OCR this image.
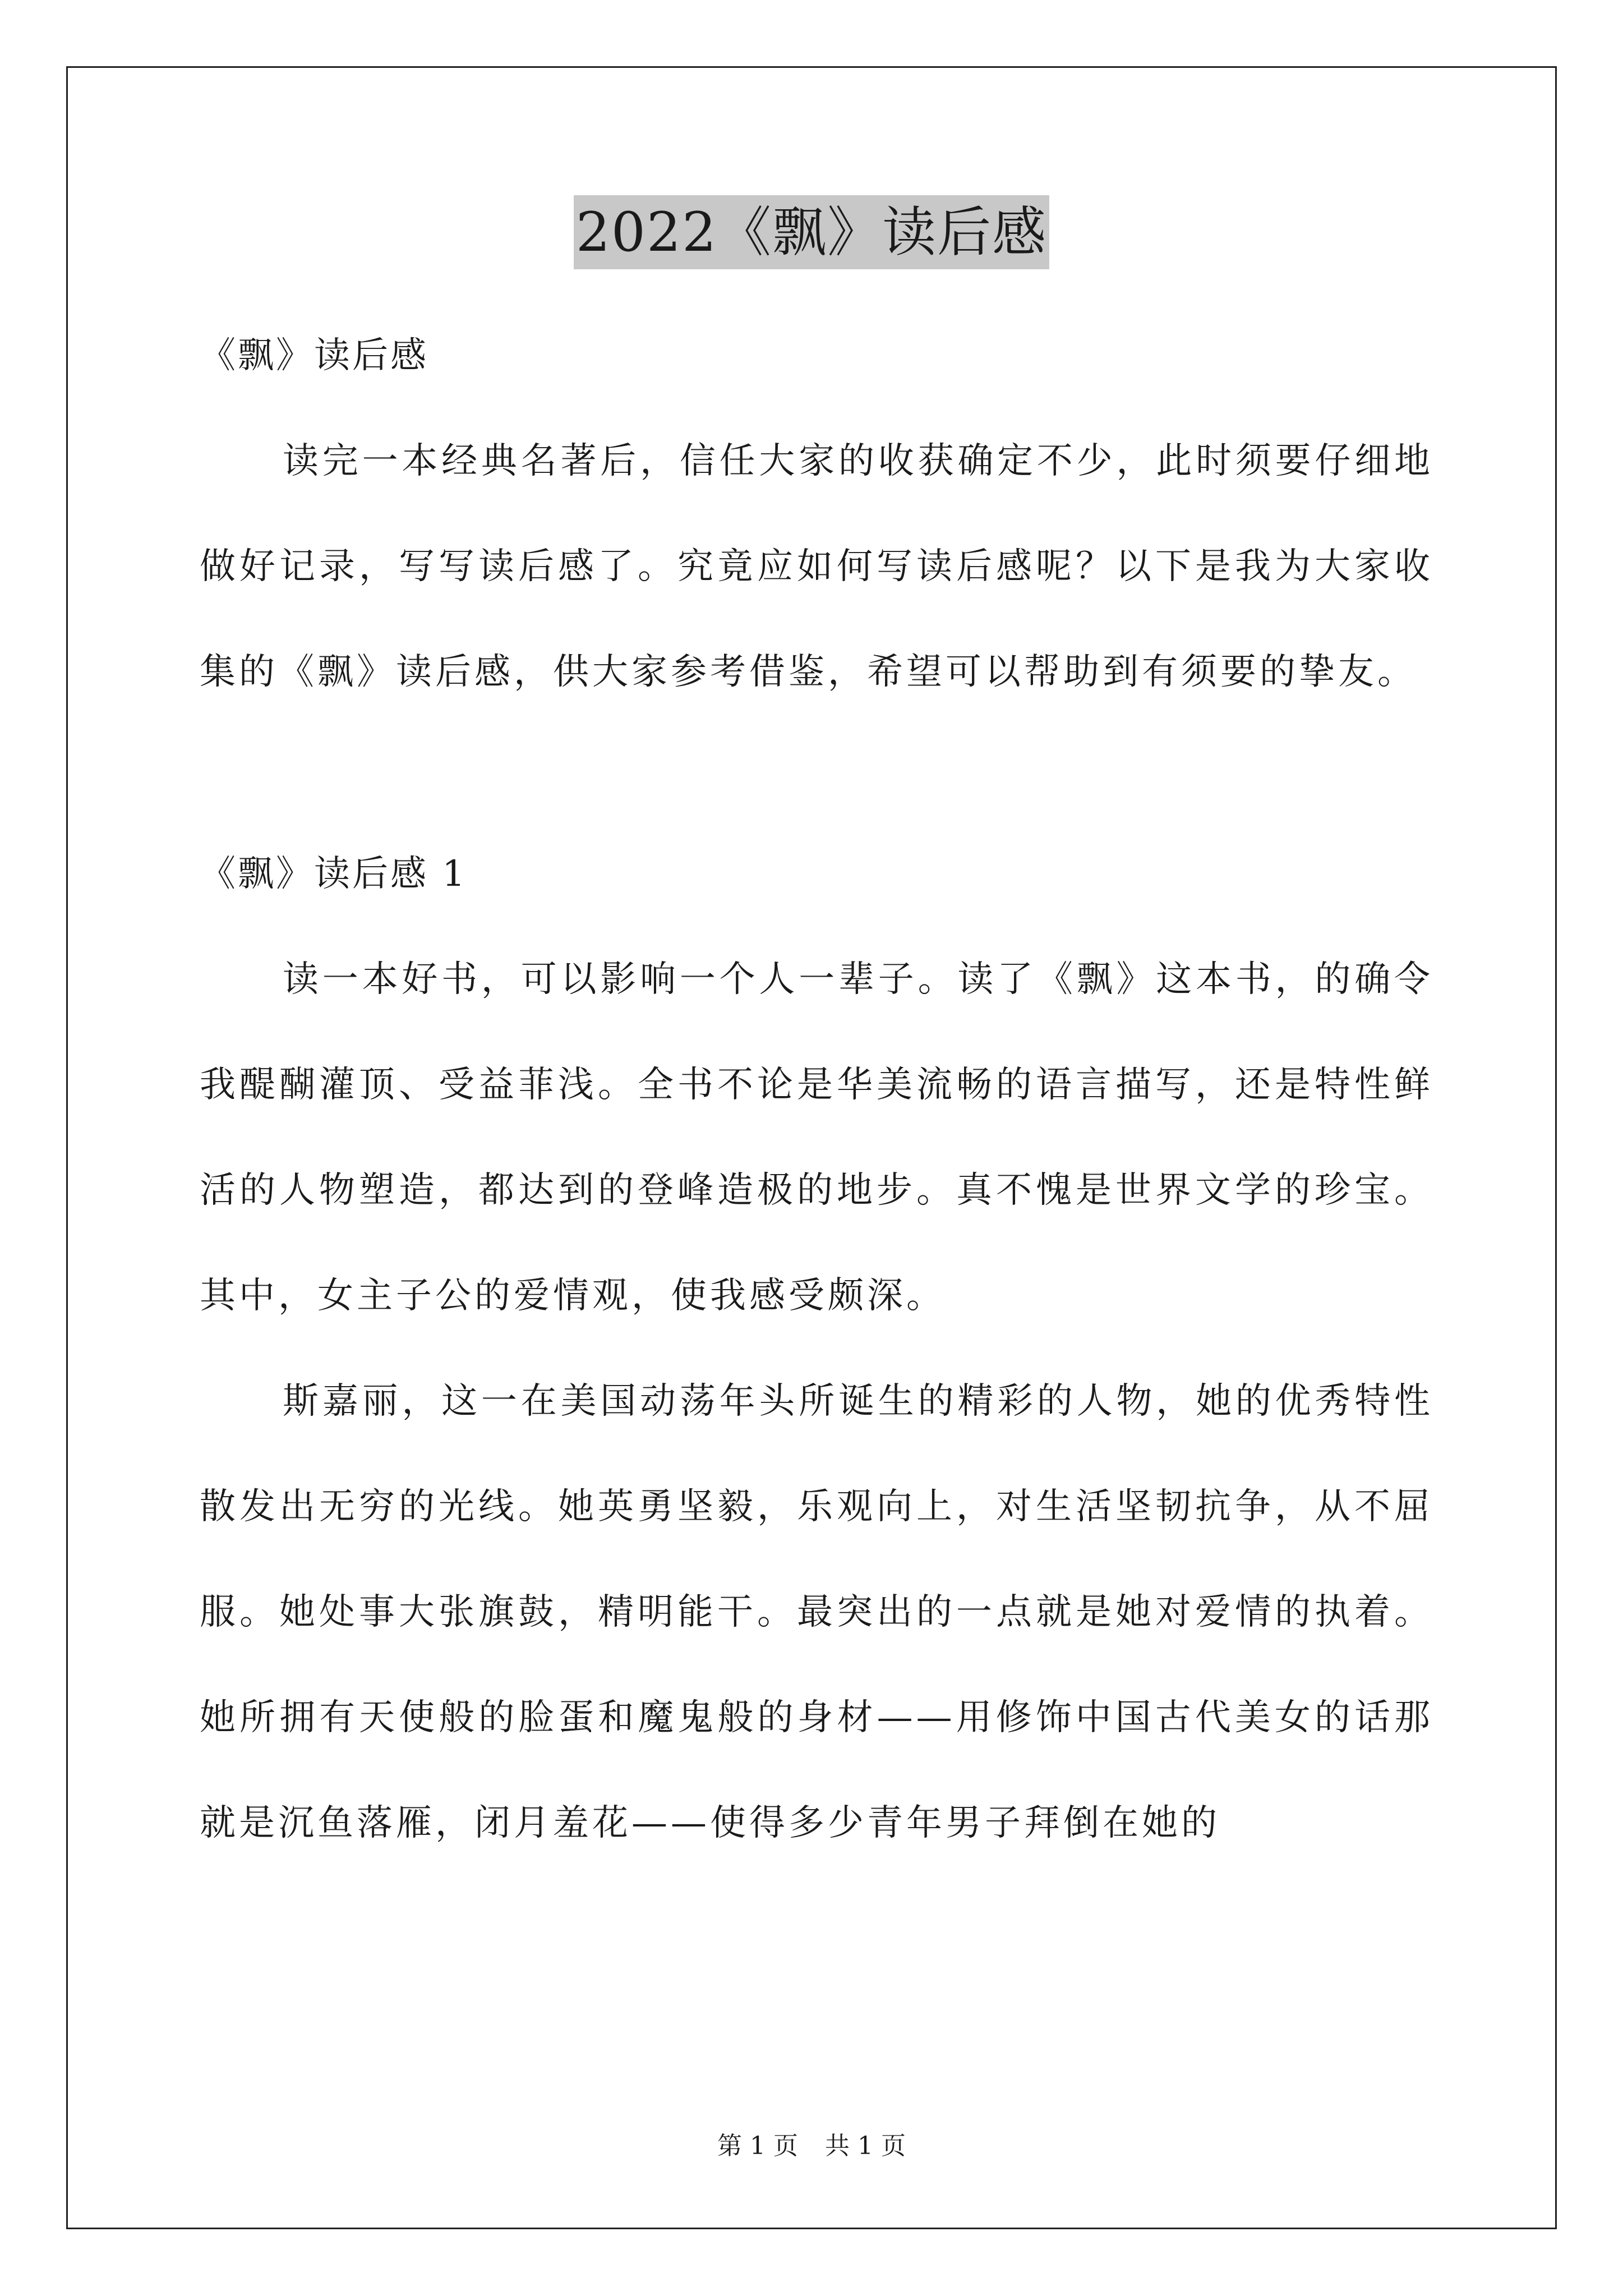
2022《飘》读后感

《飘》读后感

读完一本经典名著后，信任大家的收获确定不少，此时须要仔细地做好记录，写写读后感了。究竟应如何写读后感呢？以下是我为大家收集的《飘》读后感，供大家参考借鉴，希望可以帮助到有须要的挚友。

《飘》读后感 1

读一本好书，可以影响一个人一辈子。读了《飘》这本书，的确令我醍醐灌顶、受益菲浅。全书不论是华美流畅的语言描写，还是特性鲜活的人物塑造，都达到的登峰造极的地步。真不愧是世界文学的珍宝。其中，女主子公的爱情观，使我感受颇深。

斯嘉丽，这一在美国动荡年头所诞生的精彩的人物，她的优秀特性散发出无穷的光线。她英勇坚毅，乐观向上，对生活坚韧抗争，从不屈服。她处事大张旗鼓，精明能干。最突出的一点就是她对爱情的执着。她所拥有天使般的脸蛋和魔鬼般的身材——用修饰中国古代美女的话那就是沉鱼落雁，闭月羞花——使得多少青年男子拜倒在她的

第 1 页 共 1 页
